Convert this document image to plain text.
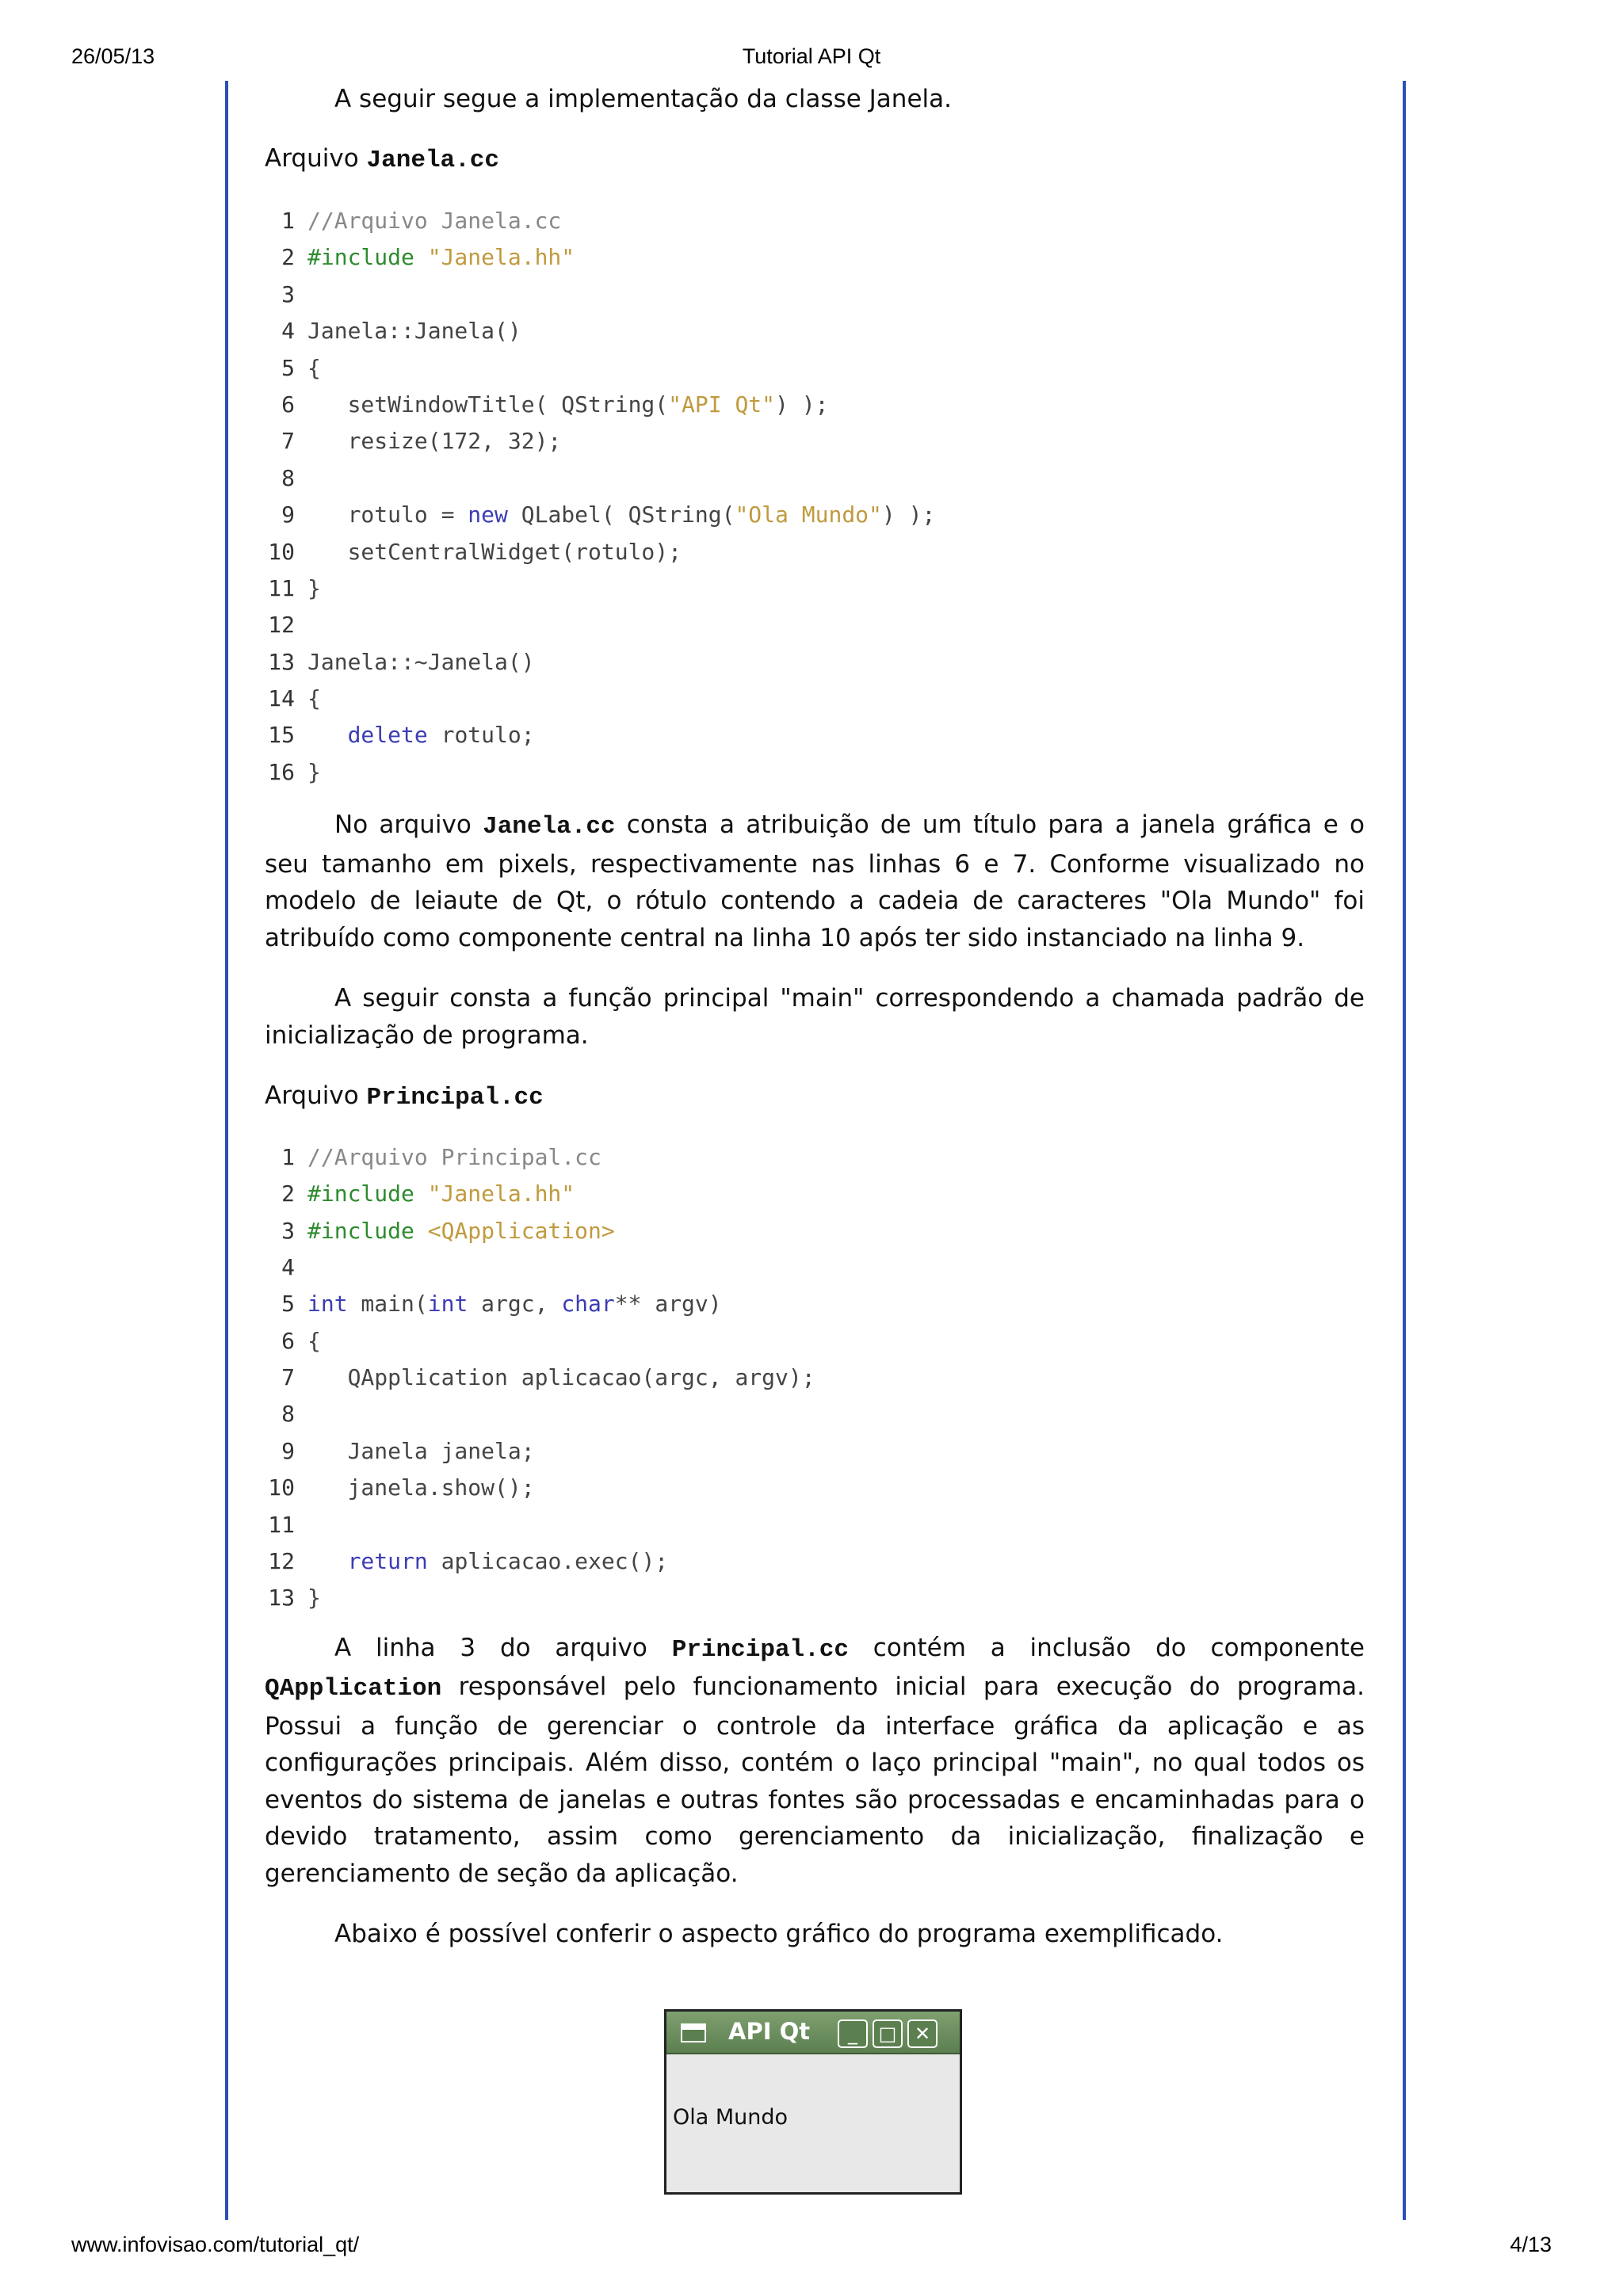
26/05/13	Tutorial API Qt

A seguir segue a implementação da classe Janela.

Arquivo Janela.cc

1 //Arquivo Janela.cc
2 #include "Janela.hh"
3
4 Janela::Janela()
5 {
6   setWindowTitle( QString("API Qt") );
7   resize(172, 32);
8
9   rotulo = new QLabel( QString("Ola Mundo") );
10   setCentralWidget(rotulo);
11 }
12
13 Janela::~Janela()
14 {
15 delete rotulo;
16 }

No arquivo Janela.cc consta a atribuição de um título para a janela gráfica e o seu tamanho em pixels, respectivamente nas linhas 6 e 7. Conforme visualizado no modelo de leiaute de Qt, o rótulo contendo a cadeia de caracteres "Ola Mundo" foi atribuído como componente central na linha 10 após ter sido instanciado na linha 9.

A seguir consta a função principal "main" correspondendo a chamada padrão de inicialização de programa.

Arquivo Principal.cc

1 //Arquivo Principal.cc
2 #include "Janela.hh"
3 #include <QApplication>
4
5 int main(int argc, char** argv)
6 {
7   QApplication aplicacao(argc, argv);
8
9   Janela janela;
10   janela.show();
11
12 return aplicacao.exec();
13 }

A linha 3 do arquivo Principal.cc contém a inclusão do componente QApplication responsável pelo funcionamento inicial para execução do programa. Possui a função de gerenciar o controle da interface gráfica da aplicação e as configurações principais. Além disso, contém o laço principal "main", no qual todos os eventos do sistema de janelas e outras fontes são processadas e encaminhadas para o devido tratamento, assim como gerenciamento da inicialização, finalização e gerenciamento de seção da aplicação.

Abaixo é possível conferir o aspecto gráfico do programa exemplificado.

API Qt	_	□ ✕
Ola Mundo
www.infovisao.com/tutorial_qt/	4/13
